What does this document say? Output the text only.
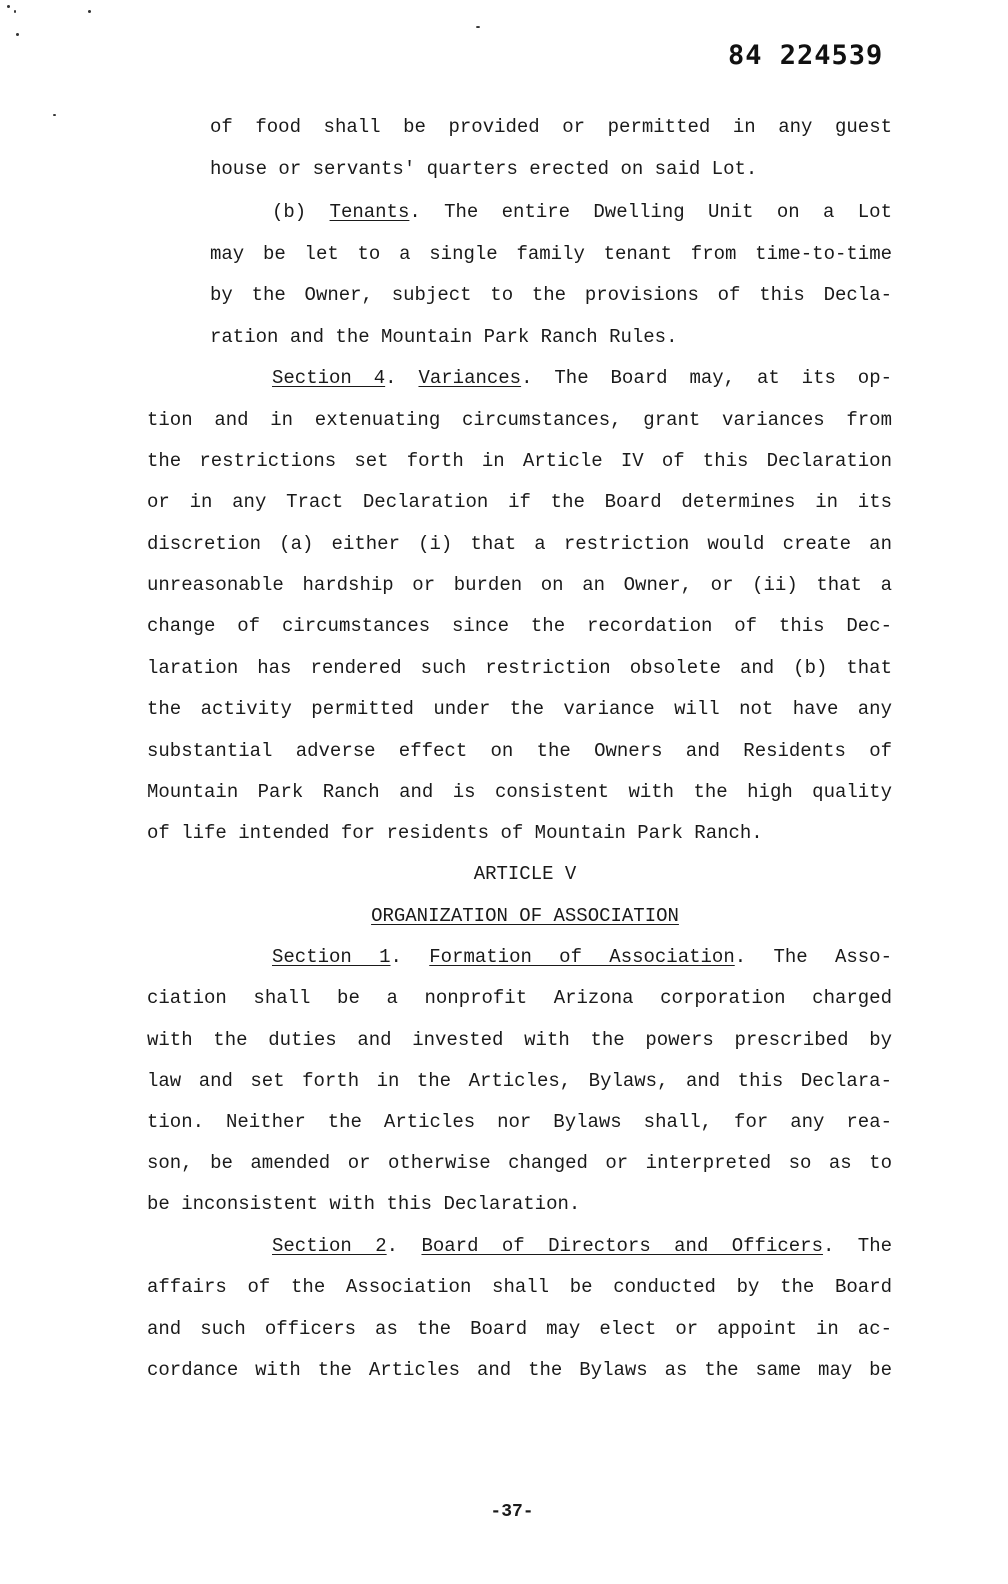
84 224539
of food shall be provided or permitted in any guest
house or servants' quarters erected on said Lot.
(b) Tenants. The entire Dwelling Unit on a Lot
may be let to a single family tenant from time-to-time
by the Owner, subject to the provisions of this Decla-
ration and the Mountain Park Ranch Rules.
Section 4. Variances. The Board may, at its op-
tion and in extenuating circumstances, grant variances from
the restrictions set forth in Article IV of this Declaration
or in any Tract Declaration if the Board determines in its
discretion (a) either (i) that a restriction would create an
unreasonable hardship or burden on an Owner, or (ii) that a
change of circumstances since the recordation of this Dec-
laration has rendered such restriction obsolete and (b) that
the activity permitted under the variance will not have any
substantial adverse effect on the Owners and Residents of
Mountain Park Ranch and is consistent with the high quality
of life intended for residents of Mountain Park Ranch.
ARTICLE V
ORGANIZATION OF ASSOCIATION
Section 1. Formation of Association. The Asso-
ciation shall be a nonprofit Arizona corporation charged
with the duties and invested with the powers prescribed by
law and set forth in the Articles, Bylaws, and this Declara-
tion. Neither the Articles nor Bylaws shall, for any rea-
son, be amended or otherwise changed or interpreted so as to
be inconsistent with this Declaration.
Section 2. Board of Directors and Officers. The
affairs of the Association shall be conducted by the Board
and such officers as the Board may elect or appoint in ac-
cordance with the Articles and the Bylaws as the same may be
-37-
